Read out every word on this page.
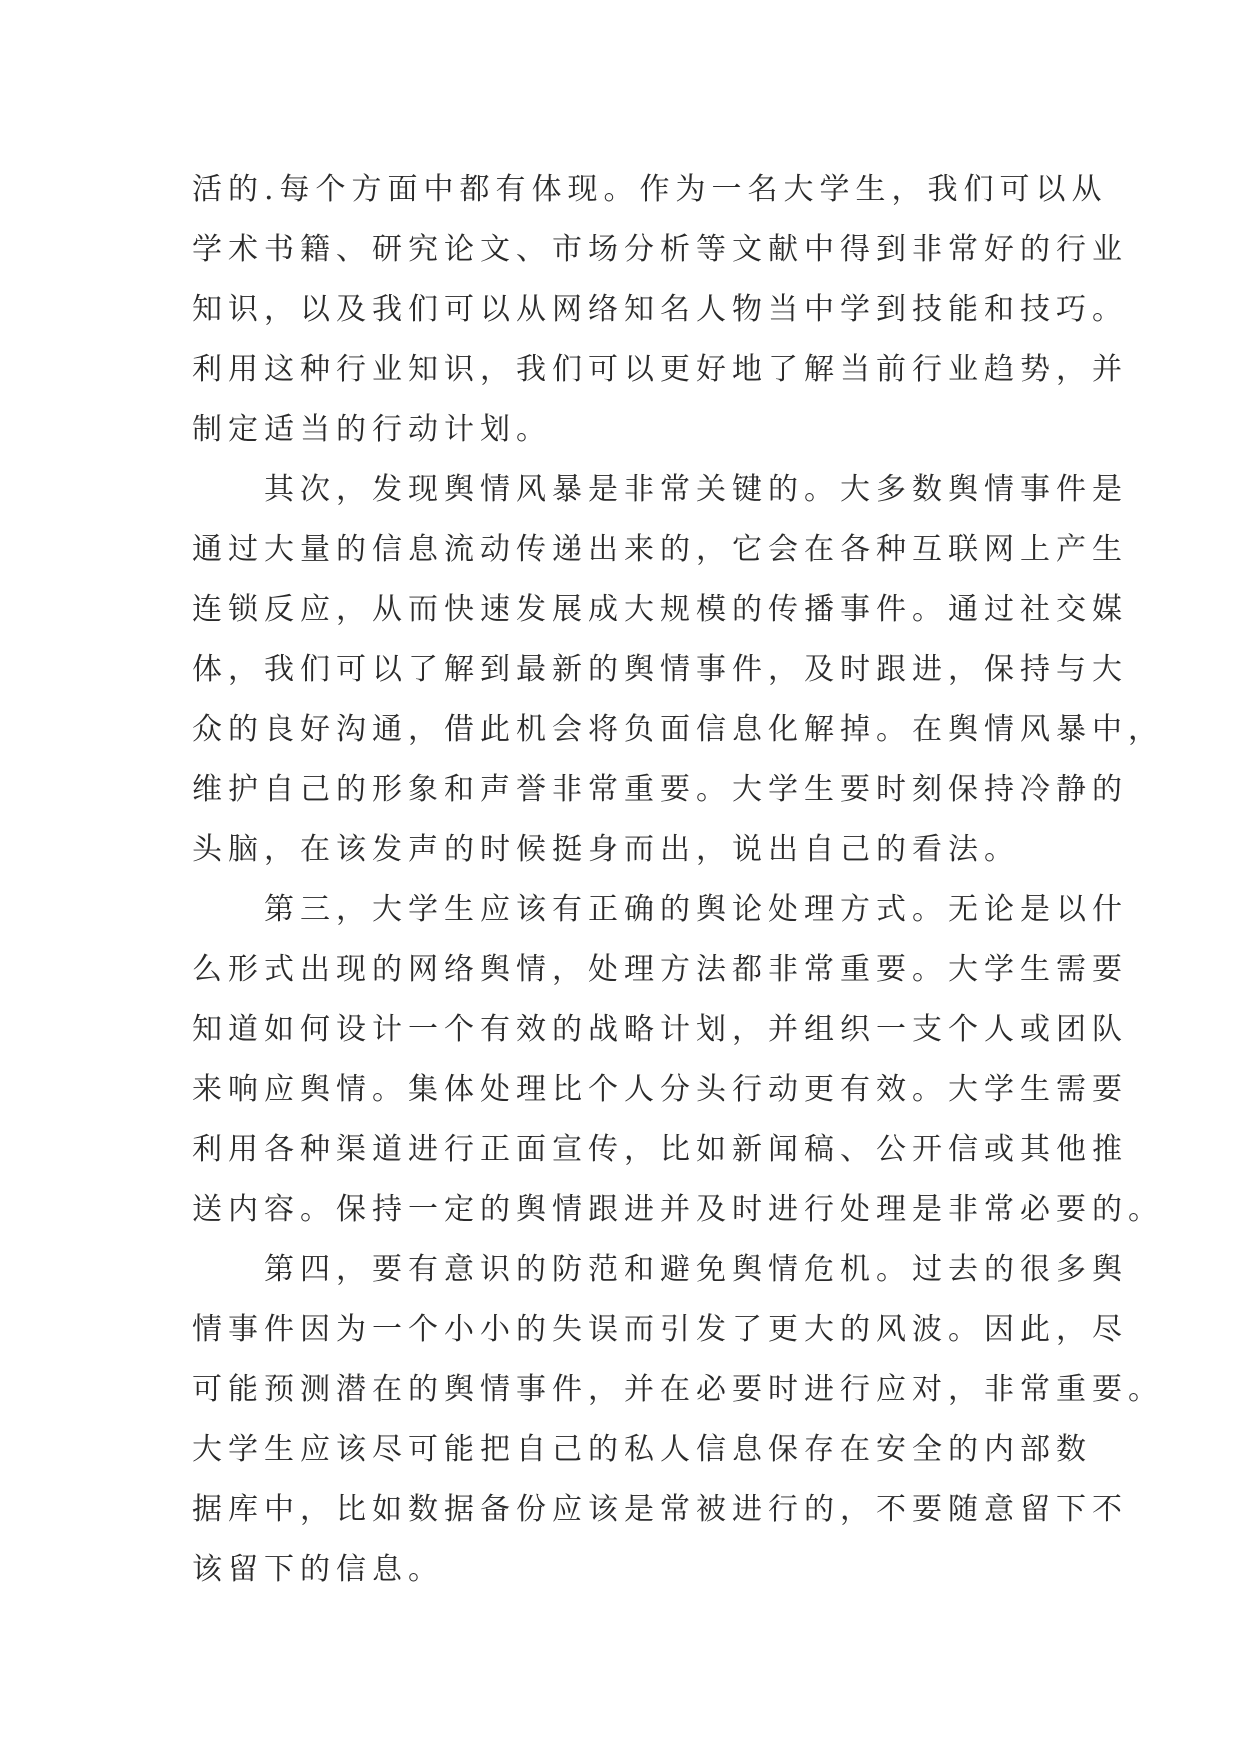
活的.每个方面中都有体现。作为一名大学生，我们可以从
学术书籍、研究论文、市场分析等文献中得到非常好的行业
知识，以及我们可以从网络知名人物当中学到技能和技巧。
利用这种行业知识，我们可以更好地了解当前行业趋势，并
制定适当的行动计划。
　　其次，发现舆情风暴是非常关键的。大多数舆情事件是
通过大量的信息流动传递出来的，它会在各种互联网上产生
连锁反应，从而快速发展成大规模的传播事件。通过社交媒
体，我们可以了解到最新的舆情事件，及时跟进，保持与大
众的良好沟通，借此机会将负面信息化解掉。在舆情风暴中，
维护自己的形象和声誉非常重要。大学生要时刻保持冷静的
头脑，在该发声的时候挺身而出，说出自己的看法。
　　第三，大学生应该有正确的舆论处理方式。无论是以什
么形式出现的网络舆情，处理方法都非常重要。大学生需要
知道如何设计一个有效的战略计划，并组织一支个人或团队
来响应舆情。集体处理比个人分头行动更有效。大学生需要
利用各种渠道进行正面宣传，比如新闻稿、公开信或其他推
送内容。保持一定的舆情跟进并及时进行处理是非常必要的。
　　第四，要有意识的防范和避免舆情危机。过去的很多舆
情事件因为一个小小的失误而引发了更大的风波。因此，尽
可能预测潜在的舆情事件，并在必要时进行应对，非常重要。
大学生应该尽可能把自己的私人信息保存在安全的内部数
据库中，比如数据备份应该是常被进行的，不要随意留下不
该留下的信息。
